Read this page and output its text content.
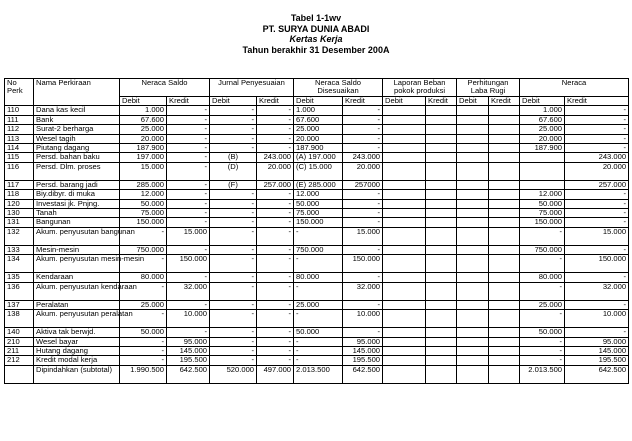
Tabel 1-1wv
PT. SURYA DUNIA ABADI
Kertas Kerja
Tahun berakhir 31 Desember 200A
No Perk	Nama Perkiraan	Neraca Saldo		Jurnal Penyesuaian		Neraca Saldo Disesuaikan		Laporan Beban pokok produksi		Perhitungan Laba Rugi		Neraca	
		Debit	Kredit	Debit	Kredit	Debit	Kredit	Debit	Kredit	Debit	Kredit	Debit	Kredit
110	Dana kas kecil	1.000	-	-	-	1.000	-					1.000	-
111	Bank	67.600	-	-	-	67.600	-					67.600	-
112	Surat-2 berharga	25.000	-	-	-	25.000	-					25.000	-
113	Wesel tagih	20.000	-	-	-	20.000	-					20.000	-
114	Piutang dagang	187.900	-	-	-	187.900	-					187.900	-
115	Persd. bahan baku	197.000	-	(B)	243.000	(A) 197.000	243.000						243.000
116	Persd. Dlm. proses	15.000	-	(D)	20.000	(C) 15.000	20.000						20.000
117	Persd. barang jadi	285.000	-	(F)	257.000	(E) 285.000	257000						257.000
118	Biy.dibyr. di muka	12.000	-	-	-	12.000	-					12.000	-
120	Investasi jk. Pnjng.	50.000	-	-	-	50.000	-					50.000	-
130	Tanah	75.000	-	-	-	75.000	-					75.000	-
131	Bangunan	150.000	-	-	-	150.000	-					150.000	-
132	Akum. penyusutan bangunan	-	15.000	-	-	-	15.000					-	15.000
133	Mesin-mesin	750.000	-	-	-	750.000	-					750.000	-
134	Akum. penyusutan mesin-mesin	-	150.000	-	-	-	150.000					-	150.000
135	Kendaraan	80.000	-	-	-	80.000	-					80.000	-
136	Akum. penyusutan kendaraan	-	32.000	-	-	-	32.000					-	32.000
137	Peralatan	25.000	-	-	-	25.000	-					25.000	-
138	Akum. penyusutan peralatan	-	10.000	-	-	-	10.000					-	10.000
140	Aktiva tak berwjd.	50.000	-	-	-	50.000	-					50.000	-
210	Wesel bayar	-	95.000	-	-	-	95.000					-	95.000
211	Hutang dagang	-	145.000	-	-	-	145.000					-	145.000
212	Kredit modal kerja	-	195.500	-	-	-	195.500					-	195.500
	Dipindahkan (subtotal)	1.990.500	642.500	520.000	497.000	2.013.500	642.500					2.013.500	642.500
